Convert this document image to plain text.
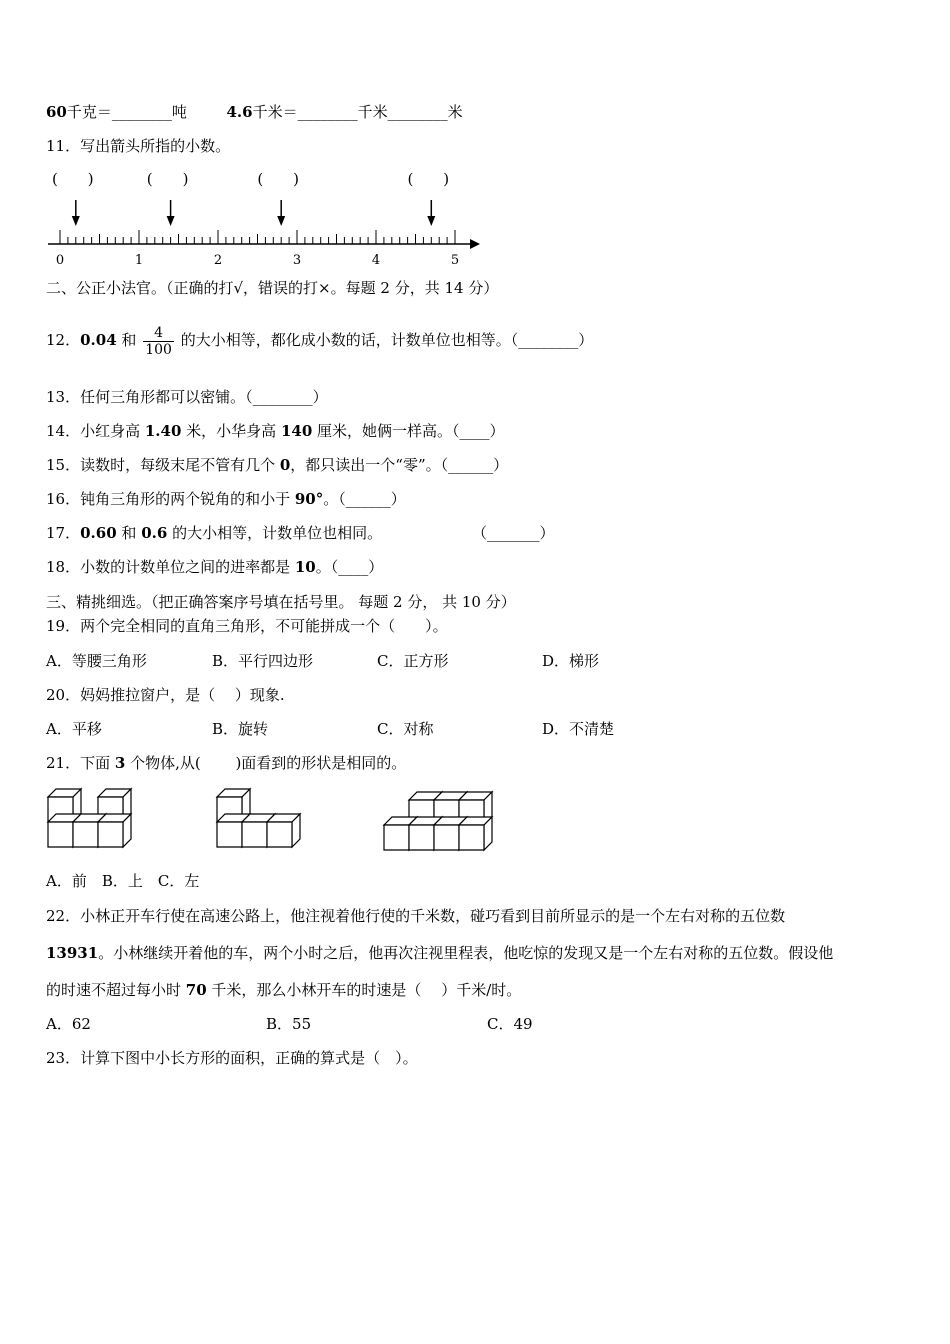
60千克＝________吨	4.6千米＝________千米________米
11．写出箭头所指的小数。
(　　)	(　　)	(　　)	(　　)
0	1	2	3	4	5
二、公正小法官。（正确的打√，错误的打×。每题 2 分，共 14 分）
12．0.04 和 $\frac{4}{100}$ 的大小相等，都化成小数的话，计数单位也相等。（________）
13．任何三角形都可以密铺。（________）
14．小红身高 1.40 米，小华身高 140 厘米，她俩一样高。（____）
15．读数时，每级末尾不管有几个 0，都只读出一个“零”。（______）
16．钝角三角形的两个锐角的和小于 90°。（______）
17．0.60 和 0.6 的大小相等，计数单位也相同。	（_______）
18．小数的计数单位之间的进率都是 10。（____）
三、精挑细选。（把正确答案序号填在括号里。 每题 2 分， 共 10 分）
19．两个完全相同的直角三角形，不可能拼成一个（　　）。
A．等腰三角形	B．平行四边形	C．正方形	D．梯形
20．妈妈推拉窗户，是（　 ）现象.
A．平移	B．旋转	C．对称	D．不清楚
21．下面 3 个物体,从(　 　)面看到的形状是相同的。
A．前　B．上　C．左
22．小林正开车行使在高速公路上，他注视着他行使的千米数，碰巧看到目前所显示的是一个左右对称的五位数
13931。小林继续开着他的车，两个小时之后，他再次注视里程表，他吃惊的发现又是一个左右对称的五位数。假设他
的时速不超过每小时 70 千米，那么小林开车的时速是（　 ）千米/时。
A．62	B．55	C．49
23．计算下图中小长方形的面积，正确的算式是（　）。
